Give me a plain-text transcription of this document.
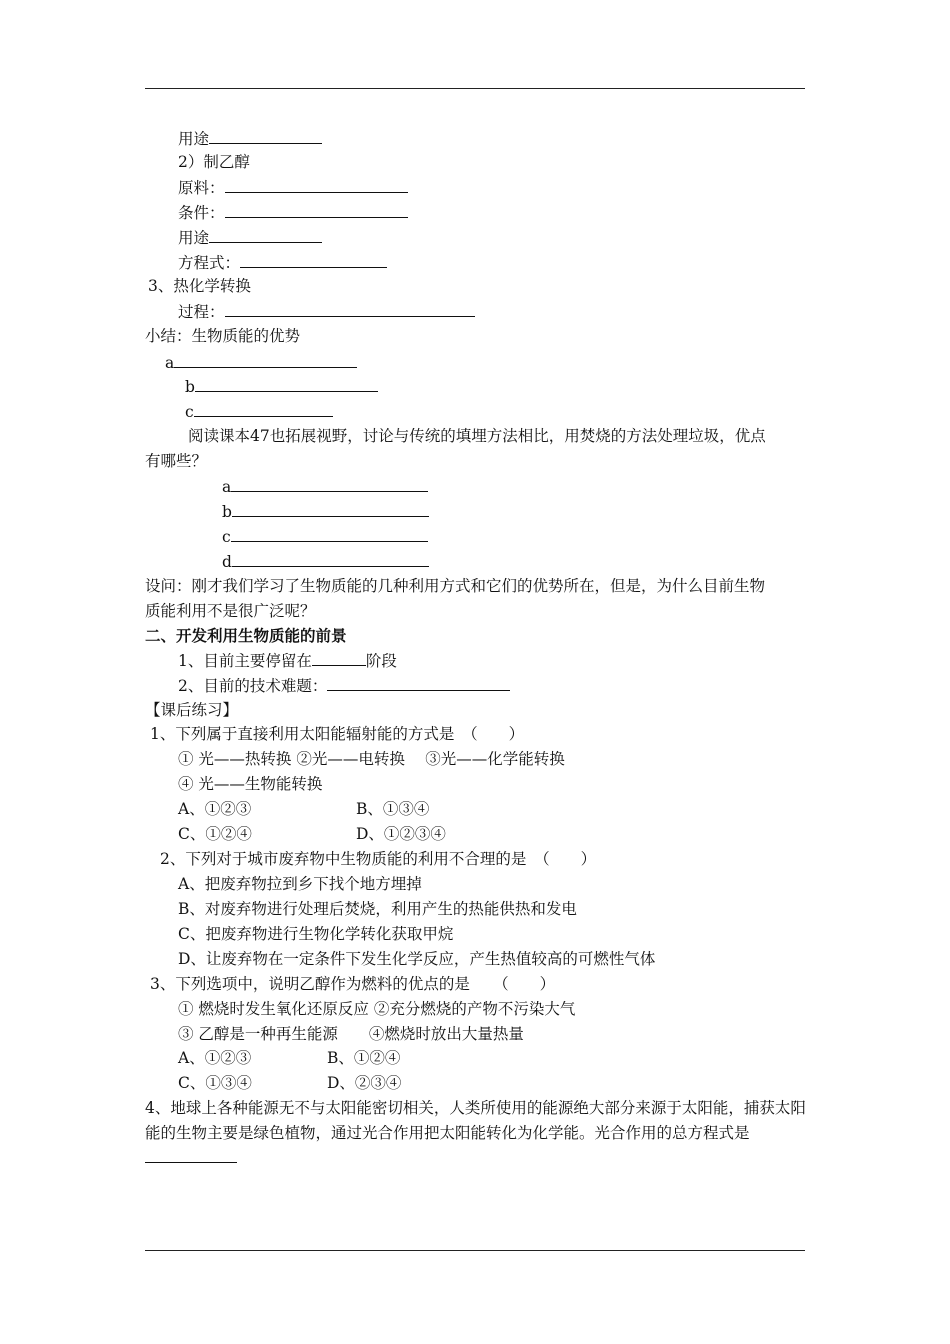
用途
2）制乙醇
原料：
条件：
用途
方程式：
3、热化学转换
过程：
小结：生物质能的优势
a
b
c
阅读课本47也拓展视野，讨论与传统的填埋方法相比，用焚烧的方法处理垃圾，优点
有哪些？
a
b
c
d
设问：刚才我们学习了生物质能的几种利用方式和它们的优势所在，但是，为什么目前生物
质能利用不是很广泛呢？
二、开发利用生物质能的前景
1、目前主要停留在	阶段
2、目前的技术难题：
【课后练习】
1、下列属于直接利用太阳能辐射能的方式是　（　　）
① 光——热转换 ②光——电转换　 ③光——化学能转换
④ 光——生物能转换
A、①②③	B、①③④
C、①②④	D、①②③④
2、下列对于城市废弃物中生物质能的利用不合理的是　（　　）
A、把废弃物拉到乡下找个地方埋掉
B、对废弃物进行处理后焚烧，利用产生的热能供热和发电
C、把废弃物进行生物化学转化获取甲烷
D、让废弃物在一定条件下发生化学反应，产生热值较高的可燃性气体
3、下列选项中，说明乙醇作为燃料的优点的是　　（　　）
① 燃烧时发生氧化还原反应 ②充分燃烧的产物不污染大气
③ 乙醇是一种再生能源　　④燃烧时放出大量热量
A、①②③	B、①②④
C、①③④	D、②③④
4、地球上各种能源无不与太阳能密切相关，人类所使用的能源绝大部分来源于太阳能，捕获太阳能的生物主要是绿色植物，通过光合作用把太阳能转化为化学能。光合作用的总方程式是
